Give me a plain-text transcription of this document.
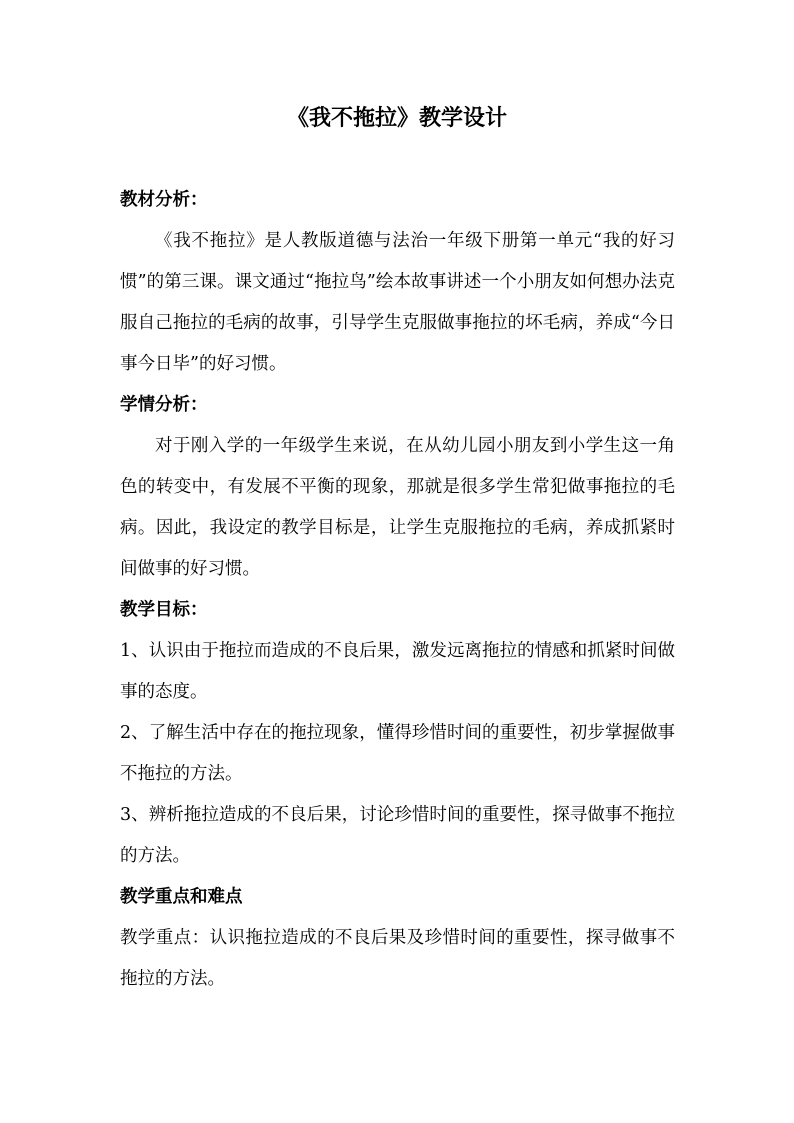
《我不拖拉》教学设计

教材分析：

《我不拖拉》是人教版道德与法治一年级下册第一单元“我的好习惯”的第三课。课文通过“拖拉鸟”绘本故事讲述一个小朋友如何想办法克服自己拖拉的毛病的故事，引导学生克服做事拖拉的坏毛病，养成“今日事今日毕”的好习惯。

学情分析：

对于刚入学的一年级学生来说，在从幼儿园小朋友到小学生这一角色的转变中，有发展不平衡的现象，那就是很多学生常犯做事拖拉的毛病。因此，我设定的教学目标是，让学生克服拖拉的毛病，养成抓紧时间做事的好习惯。

教学目标：

1、认识由于拖拉而造成的不良后果，激发远离拖拉的情感和抓紧时间做事的态度。

2、了解生活中存在的拖拉现象，懂得珍惜时间的重要性，初步掌握做事不拖拉的方法。

3、辨析拖拉造成的不良后果，讨论珍惜时间的重要性，探寻做事不拖拉的方法。

教学重点和难点

教学重点：认识拖拉造成的不良后果及珍惜时间的重要性，探寻做事不拖拉的方法。
